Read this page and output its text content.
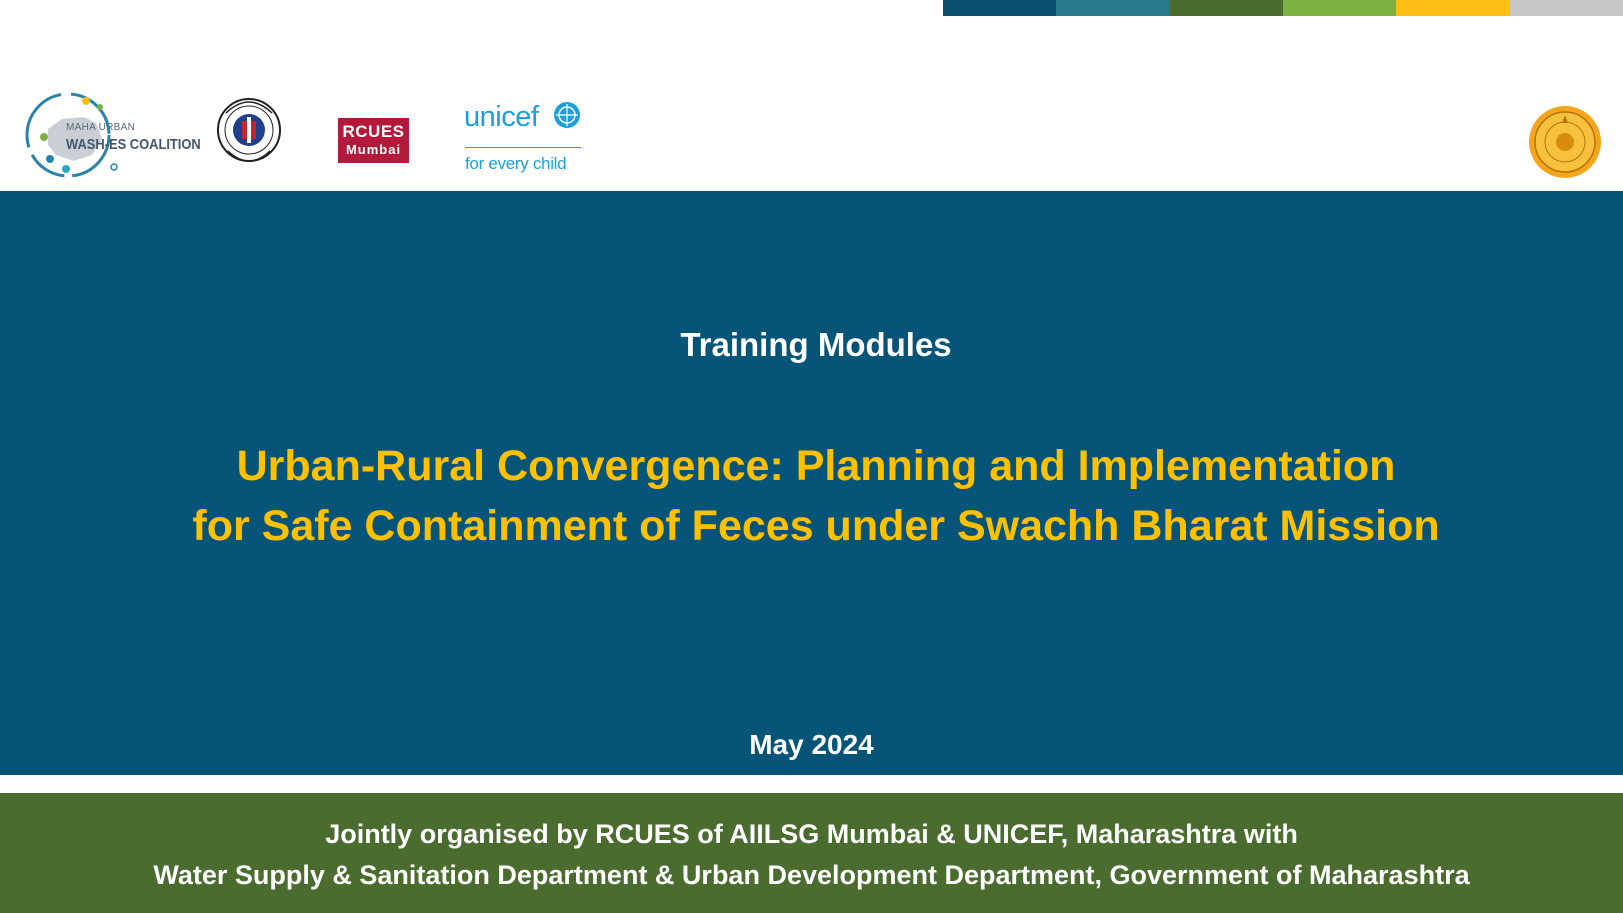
MAHA URBAN
WASH-ES COALITION
RCUES
Mumbai
unicef
for every child
Training Modules
Urban-Rural Convergence: Planning and Implementation
for Safe Containment of Feces under Swachh Bharat Mission
May 2024
Jointly organised by RCUES of AIILSG Mumbai & UNICEF, Maharashtra with
Water Supply & Sanitation Department & Urban Development Department, Government of Maharashtra
